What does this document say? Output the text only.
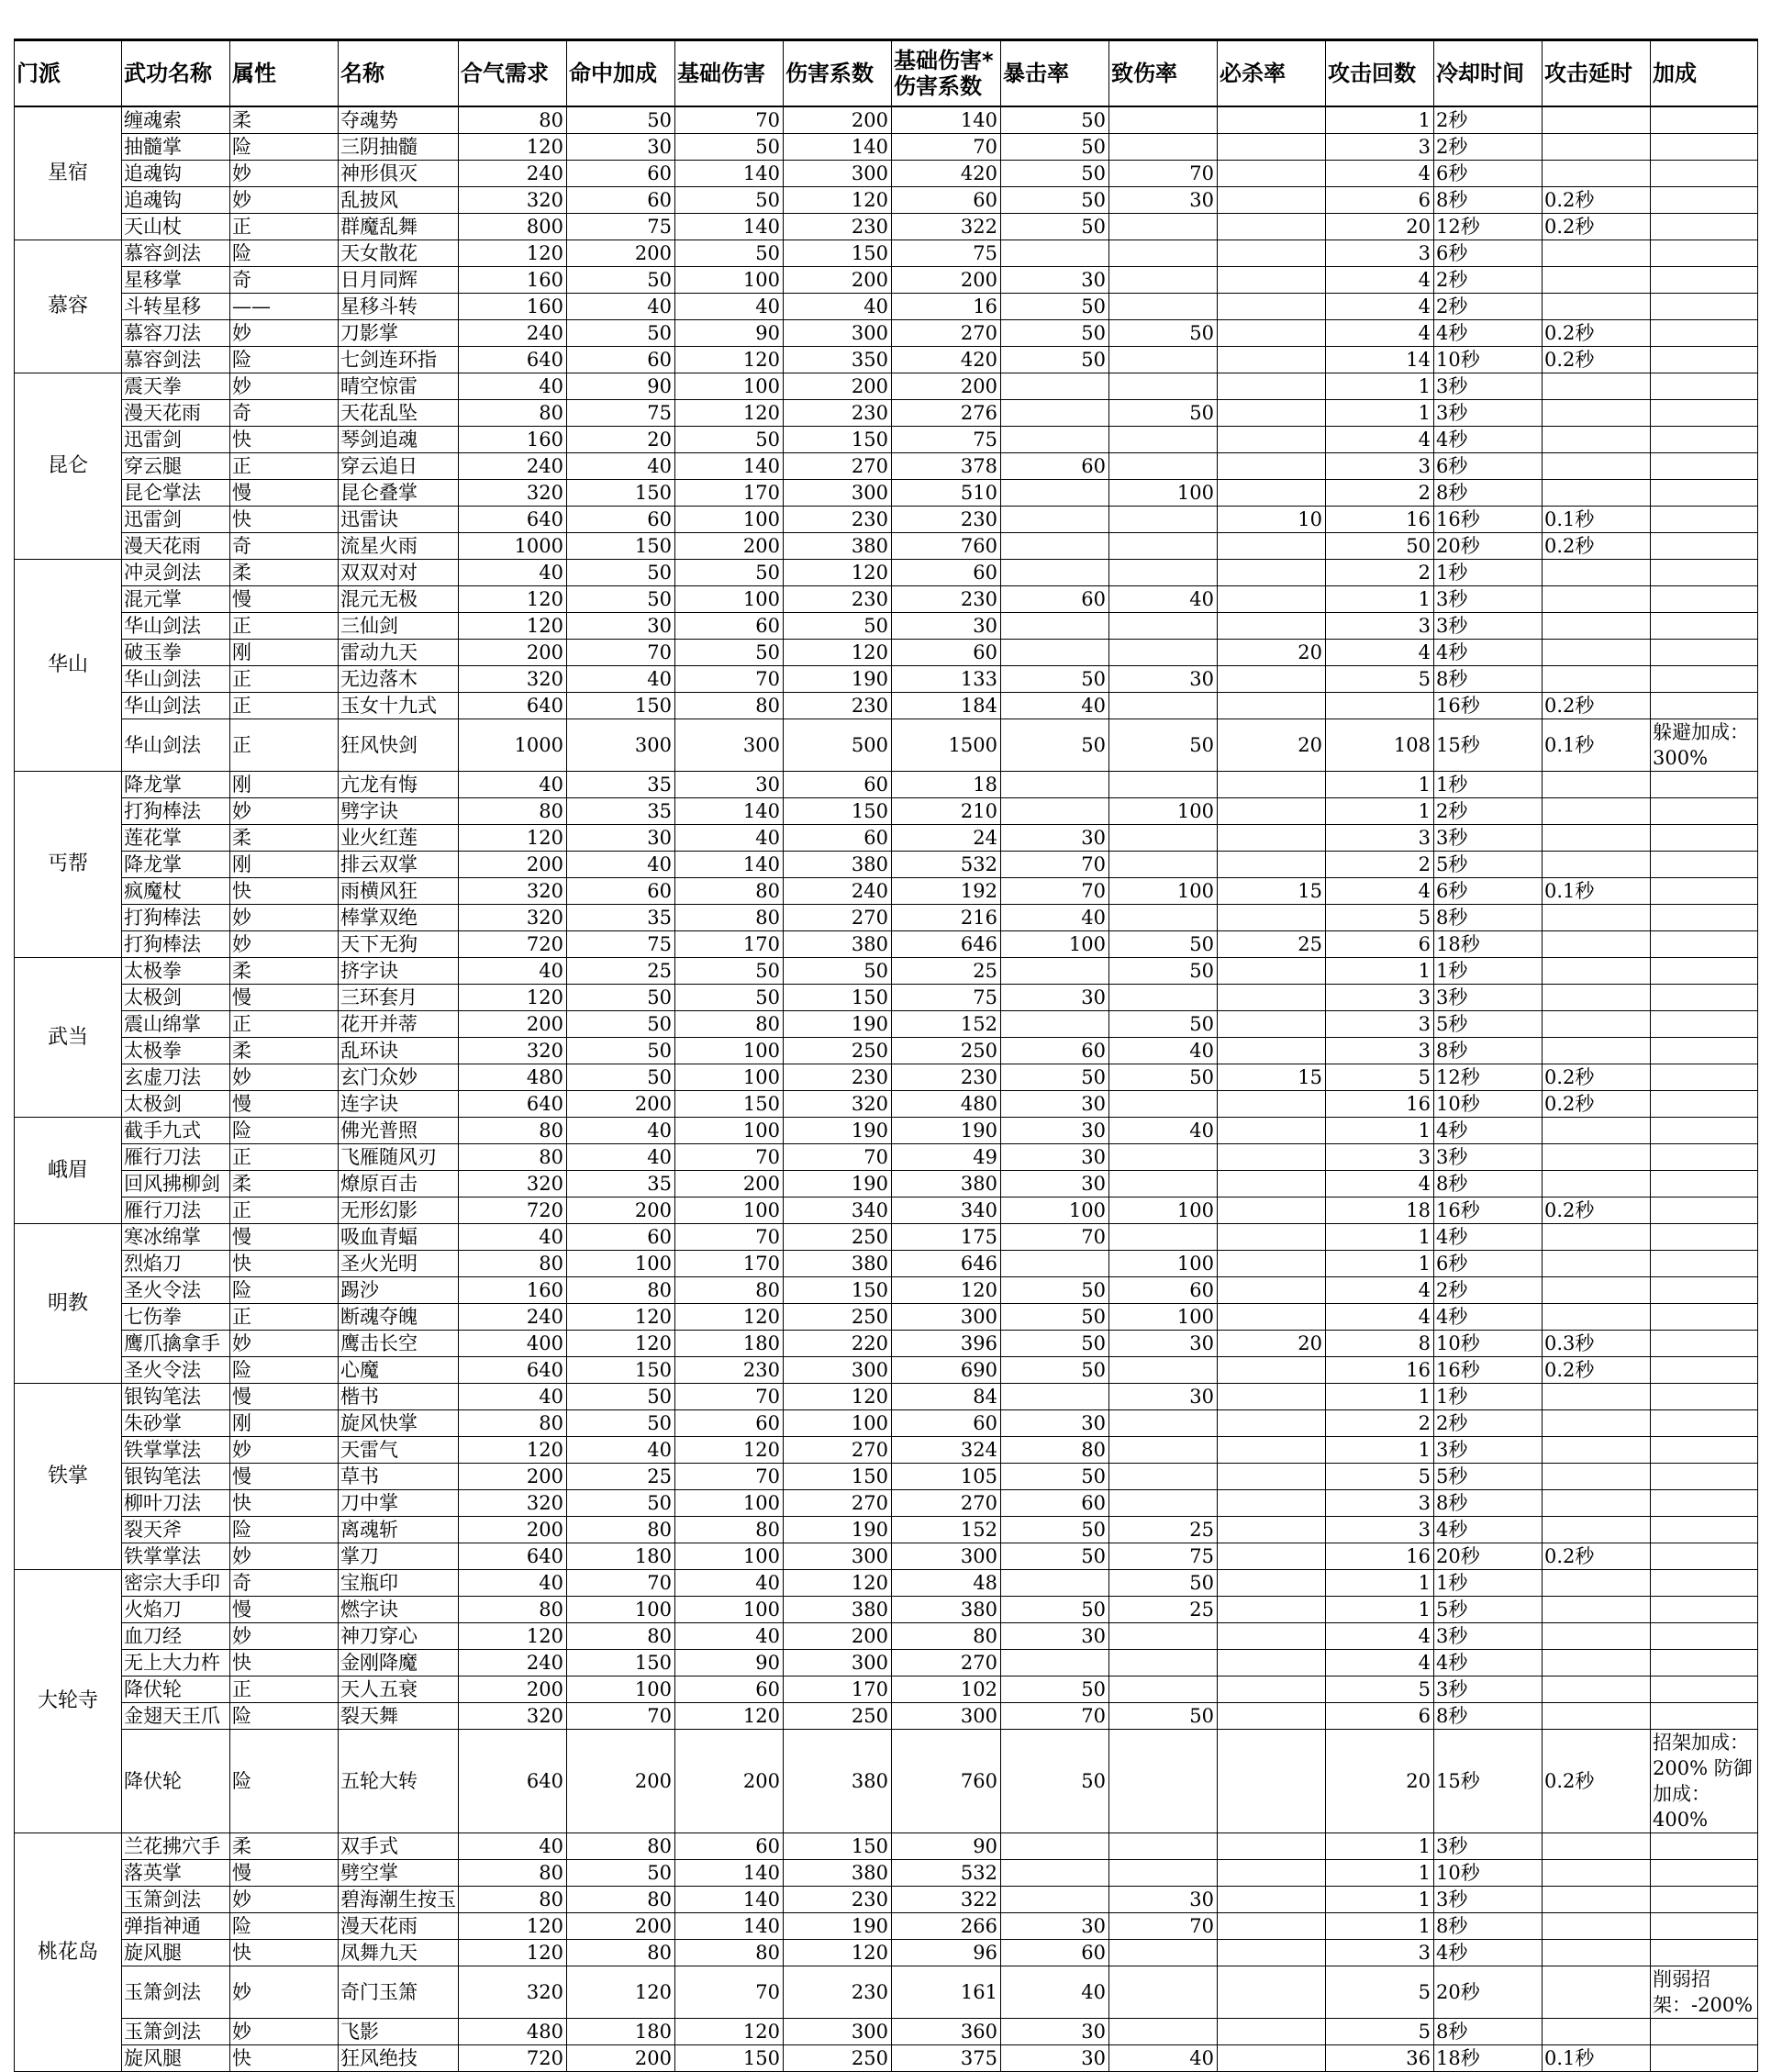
门派	武功名称	属性	名称	合气需求	命中加成	基础伤害	伤害系数	基础伤害*伤害系数	暴击率	致伤率	必杀率	攻击回数	冷却时间	攻击延时	加成
星宿	缠魂索	柔	夺魂势	80	50	70	200	140	50			1	2秒		
	抽髓掌	险	三阴抽髓	120	30	50	140	70	50			3	2秒		
	追魂钩	妙	神形俱灭	240	60	140	300	420	50	70		4	6秒		
	追魂钩	妙	乱披风	320	60	50	120	60	50	30		6	8秒	0.2秒	
	天山杖	正	群魔乱舞	800	75	140	230	322	50			20	12秒	0.2秒	
慕容	慕容剑法	险	天女散花	120	200	50	150	75				3	6秒		
	星移掌	奇	日月同辉	160	50	100	200	200	30			4	2秒		
	斗转星移	——	星移斗转	160	40	40	40	16	50			4	2秒		
	慕容刀法	妙	刀影掌	240	50	90	300	270	50	50		4	4秒	0.2秒	
	慕容剑法	险	七剑连环指	640	60	120	350	420	50			14	10秒	0.2秒	
昆仑	震天拳	妙	晴空惊雷	40	90	100	200	200				1	3秒		
	漫天花雨	奇	天花乱坠	80	75	120	230	276		50		1	3秒		
	迅雷剑	快	琴剑追魂	160	20	50	150	75				4	4秒		
	穿云腿	正	穿云追日	240	40	140	270	378	60			3	6秒		
	昆仑掌法	慢	昆仑叠掌	320	150	170	300	510		100		2	8秒		
	迅雷剑	快	迅雷诀	640	60	100	230	230			10	16	16秒	0.1秒	
	漫天花雨	奇	流星火雨	1000	150	200	380	760				50	20秒	0.2秒	
华山	冲灵剑法	柔	双双对对	40	50	50	120	60				2	1秒		
	混元掌	慢	混元无极	120	50	100	230	230	60	40		1	3秒		
	华山剑法	正	三仙剑	120	30	60	50	30				3	3秒		
	破玉拳	刚	雷动九天	200	70	50	120	60			20	4	4秒		
	华山剑法	正	无边落木	320	40	70	190	133	50	30		5	8秒		
	华山剑法	正	玉女十九式	640	150	80	230	184	40				16秒	0.2秒	
	华山剑法	正	狂风快剑	1000	300	300	500	1500	50	50	20	108	15秒	0.1秒	躲避加成：300%
丐帮	降龙掌	刚	亢龙有悔	40	35	30	60	18				1	1秒		
	打狗棒法	妙	劈字诀	80	35	140	150	210		100		1	2秒		
	莲花掌	柔	业火红莲	120	30	40	60	24	30			3	3秒		
	降龙掌	刚	排云双掌	200	40	140	380	532	70			2	5秒		
	疯魔杖	快	雨横风狂	320	60	80	240	192	70	100	15	4	6秒	0.1秒	
	打狗棒法	妙	棒掌双绝	320	35	80	270	216	40			5	8秒		
	打狗棒法	妙	天下无狗	720	75	170	380	646	100	50	25	6	18秒		
武当	太极拳	柔	挤字诀	40	25	50	50	25		50		1	1秒		
	太极剑	慢	三环套月	120	50	50	150	75	30			3	3秒		
	震山绵掌	正	花开并蒂	200	50	80	190	152		50		3	5秒		
	太极拳	柔	乱环诀	320	50	100	250	250	60	40		3	8秒		
	玄虚刀法	妙	玄门众妙	480	50	100	230	230	50	50	15	5	12秒	0.2秒	
	太极剑	慢	连字诀	640	200	150	320	480	30			16	10秒	0.2秒	
峨眉	截手九式	险	佛光普照	80	40	100	190	190	30	40		1	4秒		
	雁行刀法	正	飞雁随风刃	80	40	70	70	49	30			3	3秒		
	回风拂柳剑	柔	燎原百击	320	35	200	190	380	30			4	8秒		
	雁行刀法	正	无形幻影	720	200	100	340	340	100	100		18	16秒	0.2秒	
明教	寒冰绵掌	慢	吸血青蝠	40	60	70	250	175	70			1	4秒		
	烈焰刀	快	圣火光明	80	100	170	380	646		100		1	6秒		
	圣火令法	险	踢沙	160	80	80	150	120	50	60		4	2秒		
	七伤拳	正	断魂夺魄	240	120	120	250	300	50	100		4	4秒		
	鹰爪擒拿手	妙	鹰击长空	400	120	180	220	396	50	30	20	8	10秒	0.3秒	
	圣火令法	险	心魔	640	150	230	300	690	50			16	16秒	0.2秒	
铁掌	银钩笔法	慢	楷书	40	50	70	120	84		30		1	1秒		
	朱砂掌	刚	旋风快掌	80	50	60	100	60	30			2	2秒		
	铁掌掌法	妙	天雷气	120	40	120	270	324	80			1	3秒		
	银钩笔法	慢	草书	200	25	70	150	105	50			5	5秒		
	柳叶刀法	快	刀中掌	320	50	100	270	270	60			3	8秒		
	裂天斧	险	离魂斩	200	80	80	190	152	50	25		3	4秒		
	铁掌掌法	妙	掌刀	640	180	100	300	300	50	75		16	20秒	0.2秒	
大轮寺	密宗大手印	奇	宝瓶印	40	70	40	120	48		50		1	1秒		
	火焰刀	慢	燃字诀	80	100	100	380	380	50	25		1	5秒		
	血刀经	妙	神刀穿心	120	80	40	200	80	30			4	3秒		
	无上大力杵	快	金刚降魔	240	150	90	300	270				4	4秒		
	降伏轮	正	天人五衰	200	100	60	170	102	50			5	3秒		
	金翅天王爪	险	裂天舞	320	70	120	250	300	70	50		6	8秒		
	降伏轮	险	五轮大转	640	200	200	380	760	50			20	15秒	0.2秒	招架加成：200% 防御加成：400%
桃花岛	兰花拂穴手	柔	双手式	40	80	60	150	90				1	3秒		
	落英掌	慢	劈空掌	80	50	140	380	532				1	10秒		
	玉箫剑法	妙	碧海潮生按玉	80	80	140	230	322		30		1	3秒		
	弹指神通	险	漫天花雨	120	200	140	190	266	30	70		1	8秒		
	旋风腿	快	凤舞九天	120	80	80	120	96	60			3	4秒		
	玉箫剑法	妙	奇门玉箫	320	120	70	230	161	40			5	20秒		削弱招架：-200%
	玉箫剑法	妙	飞影	480	180	120	300	360	30			5	8秒		
	旋风腿	快	狂风绝技	720	200	150	250	375	30	40		36	18秒	0.1秒	
